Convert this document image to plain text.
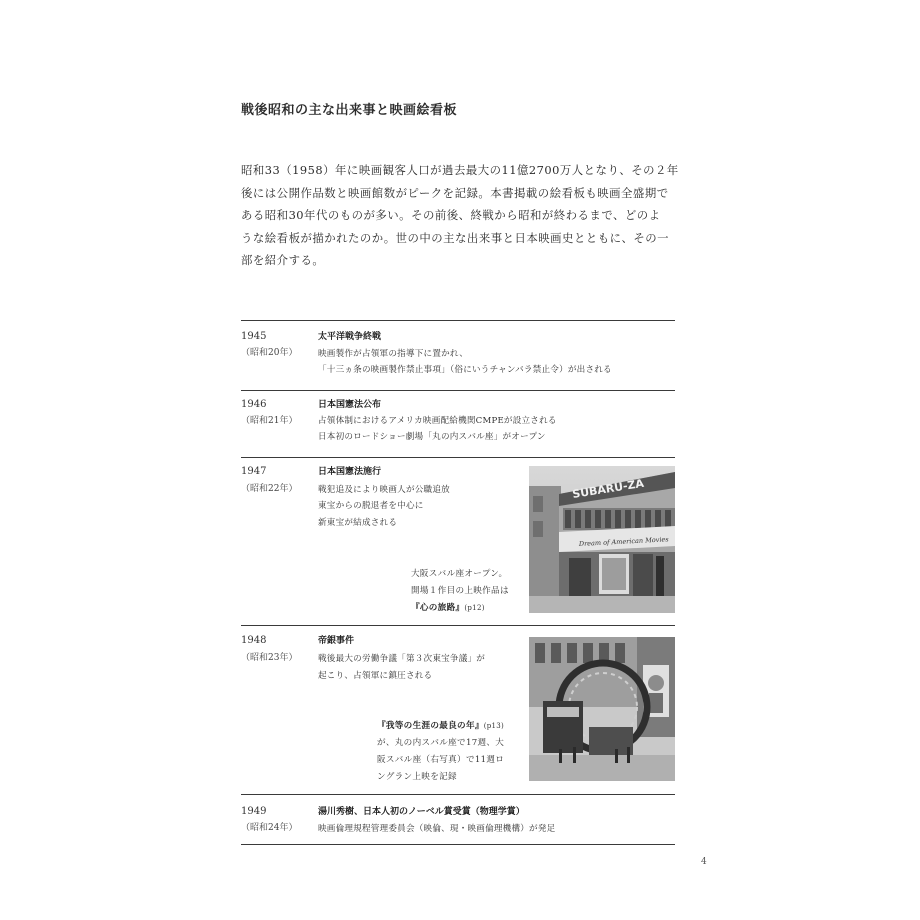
戦後昭和の主な出来事と映画絵看板
昭和33（1958）年に映画観客人口が過去最大の11億2700万人となり、その２年
後には公開作品数と映画館数がピークを記録。本書掲載の絵看板も映画全盛期で
ある昭和30年代のものが多い。その前後、終戦から昭和が終わるまで、どのよ
うな絵看板が描かれたのか。世の中の主な出来事と日本映画史とともに、その一
部を紹介する。
1945
（昭和20年）
太平洋戦争終戦
映画製作が占領軍の指導下に置かれ、
「十三ヵ条の映画製作禁止事項」（俗にいうチャンバラ禁止令）が出される
1946
（昭和21年）
日本国憲法公布
占領体制におけるアメリカ映画配給機関CMPEが設立される
日本初のロードショー劇場「丸の内スバル座」がオープン
1947
（昭和22年）
日本国憲法施行
戦犯追及により映画人が公職追放
東宝からの脱退者を中心に
新東宝が結成される
大阪スバル座オープン。
開場１作目の上映作品は
『心の旅路』(p12)
SUBARU-ZA
Dream of American Movies
1948
（昭和23年）
帝銀事件
戦後最大の労働争議「第３次東宝争議」が
起こり、占領軍に鎮圧される
『我等の生涯の最良の年』(p13)
が、丸の内スバル座で17週、大
阪スバル座（右写真）で11週ロ
ングラン上映を記録
1949
（昭和24年）
湯川秀樹、日本人初のノーベル賞受賞（物理学賞）
映画倫理規程管理委員会（映倫、現・映画倫理機構）が発足
4
